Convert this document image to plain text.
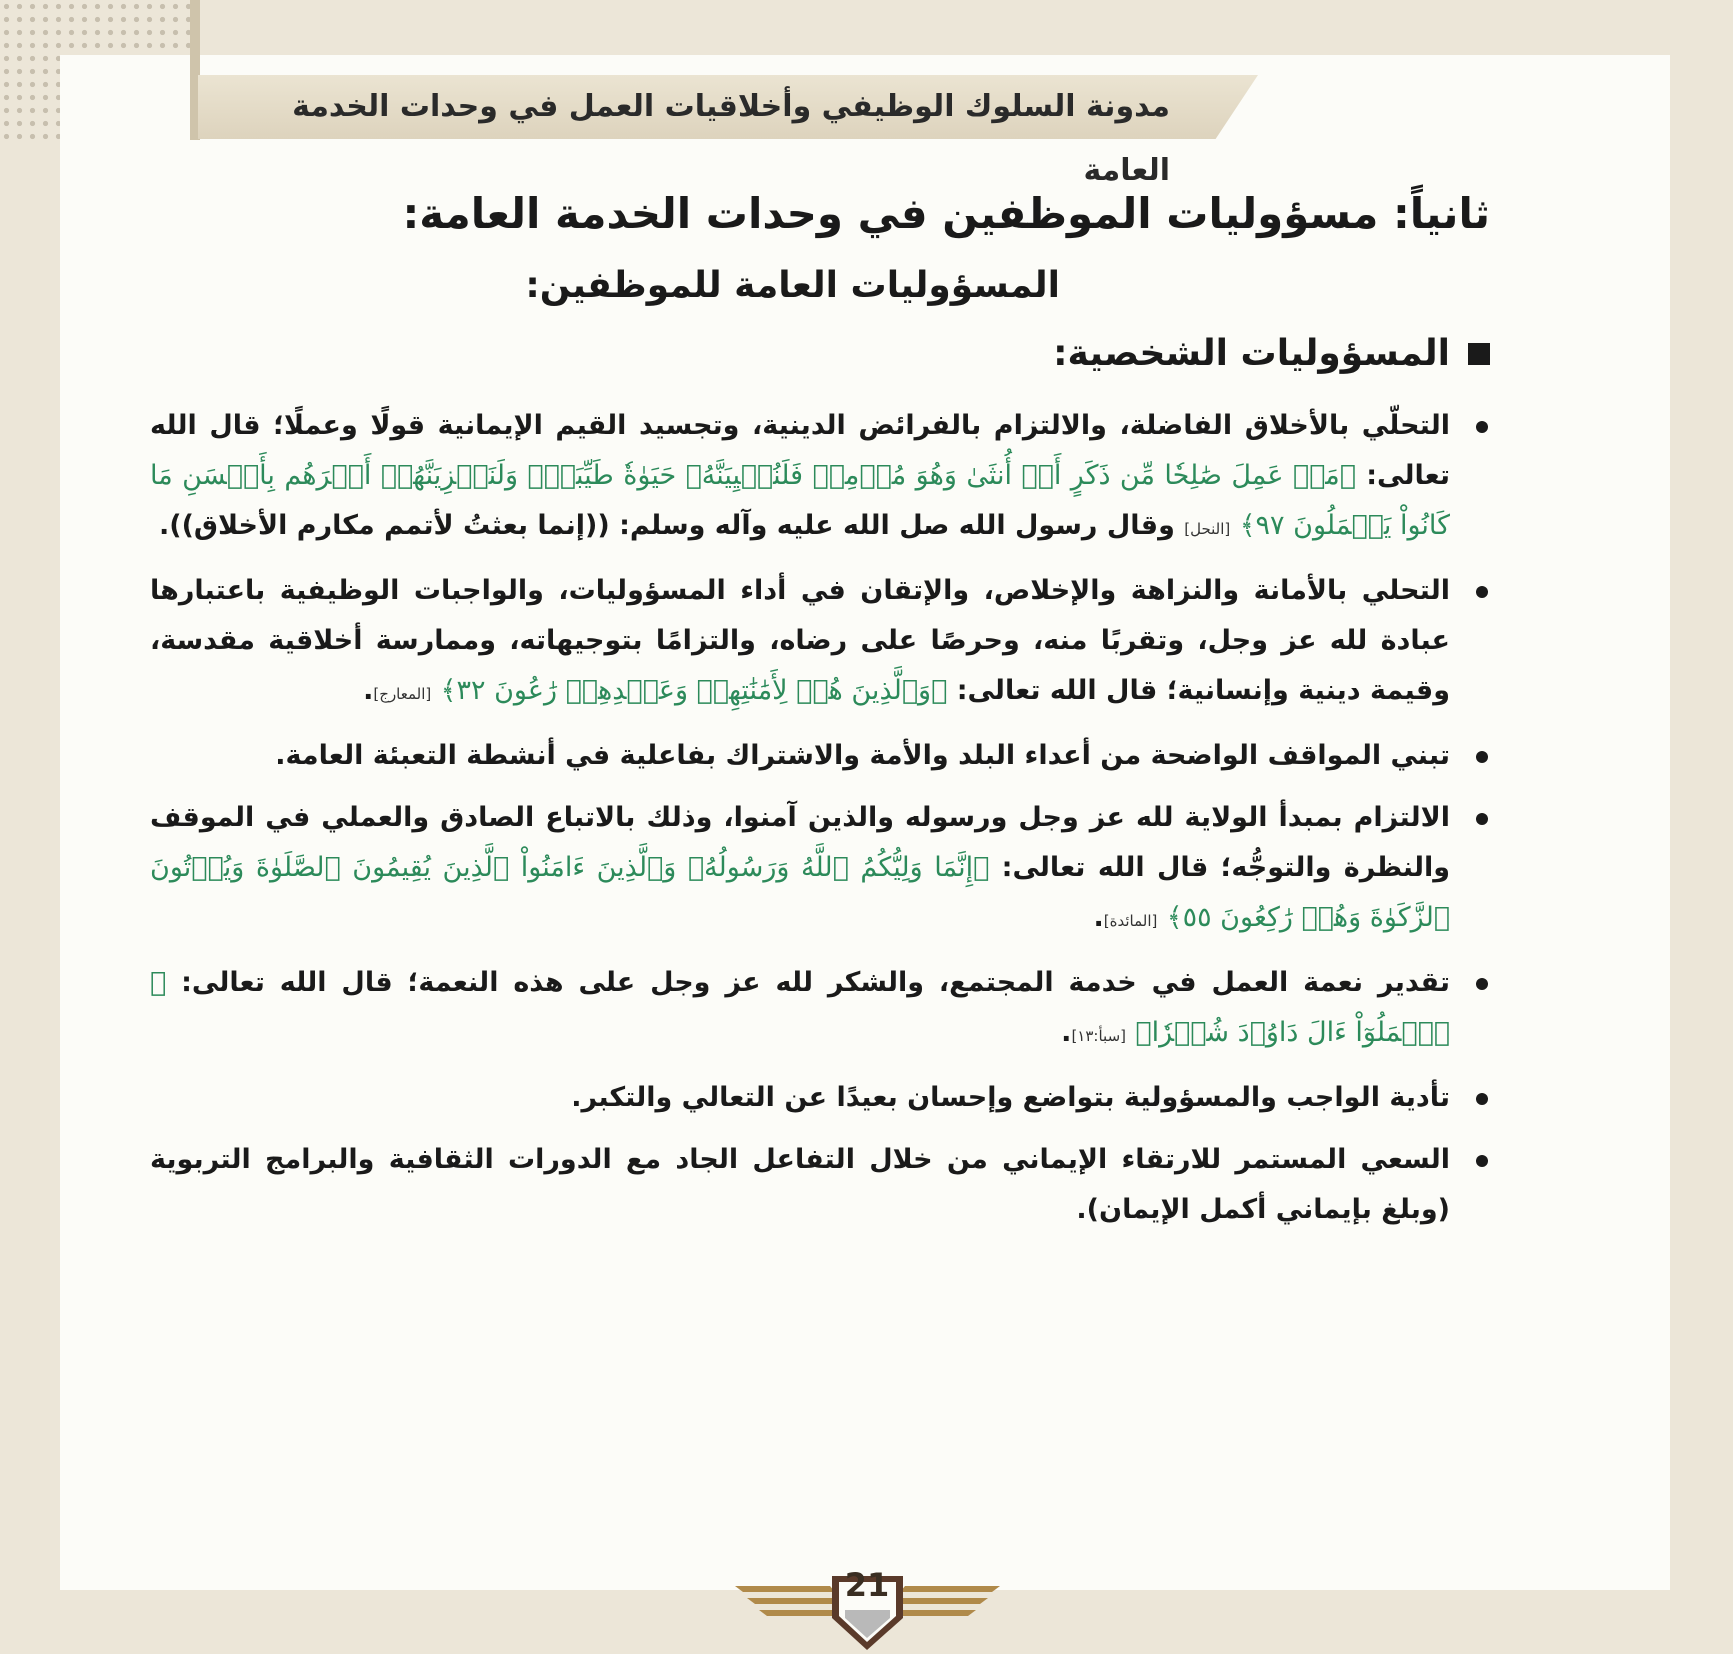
مدونة السلوك الوظيفي وأخلاقيات العمل في وحدات الخدمة العامة
ثانياً: مسؤوليات الموظفين في وحدات الخدمة العامة:
المسؤوليات العامة للموظفين:
المسؤوليات الشخصية:
التحلّي بالأخلاق الفاضلة، والالتزام بالفرائض الدينية، وتجسيد القيم الإيمانية قولًا وعملًا؛ قال الله تعالى: ﴿مَنۡ عَمِلَ صَٰلِحٗا مِّن ذَكَرٍ أَوۡ أُنثَىٰ وَهُوَ مُؤۡمِنٞ فَلَنُحۡيِيَنَّهُۥ حَيَوٰةٗ طَيِّبَةٗۖ وَلَنَجۡزِيَنَّهُمۡ أَجۡرَهُم بِأَحۡسَنِ مَا كَانُواْ يَعۡمَلُونَ ٩٧﴾ [النحل] وقال رسول الله صل الله عليه وآله وسلم: ((إنما بعثتُ لأتمم مكارم الأخلاق)).
التحلي بالأمانة والنزاهة والإخلاص، والإتقان في أداء المسؤوليات، والواجبات الوظيفية باعتبارها عبادة لله عز وجل، وتقربًا منه، وحرصًا على رضاه، والتزامًا بتوجيهاته، وممارسة أخلاقية مقدسة، وقيمة دينية وإنسانية؛ قال الله تعالى: ﴿وَٱلَّذِينَ هُمۡ لِأَمَٰنَٰتِهِمۡ وَعَهۡدِهِمۡ رَٰعُونَ ٣٢﴾ [المعارج].
تبني المواقف الواضحة من أعداء البلد والأمة والاشتراك بفاعلية في أنشطة التعبئة العامة.
الالتزام بمبدأ الولاية لله عز وجل ورسوله والذين آمنوا، وذلك بالاتباع الصادق والعملي في الموقف والنظرة والتوجُّه؛ قال الله تعالى: ﴿إِنَّمَا وَلِيُّكُمُ ٱللَّهُ وَرَسُولُهُۥ وَٱلَّذِينَ ءَامَنُواْ ٱلَّذِينَ يُقِيمُونَ ٱلصَّلَوٰةَ وَيُؤۡتُونَ ٱلزَّكَوٰةَ وَهُمۡ رَٰكِعُونَ ٥٥﴾ [المائدة].
تقدير نعمة العمل في خدمة المجتمع، والشكر لله عز وجل على هذه النعمة؛ قال الله تعالى: ﴿ ٱعۡمَلُوٓاْ ءَالَ دَاوُۥدَ شُكۡرٗا﴾ [سبأ:١٣].
تأدية الواجب والمسؤولية بتواضع وإحسان بعيدًا عن التعالي والتكبر.
السعي المستمر للارتقاء الإيماني من خلال التفاعل الجاد مع الدورات الثقافية والبرامج التربوية (وبلغ بإيماني أكمل الإيمان).
21
